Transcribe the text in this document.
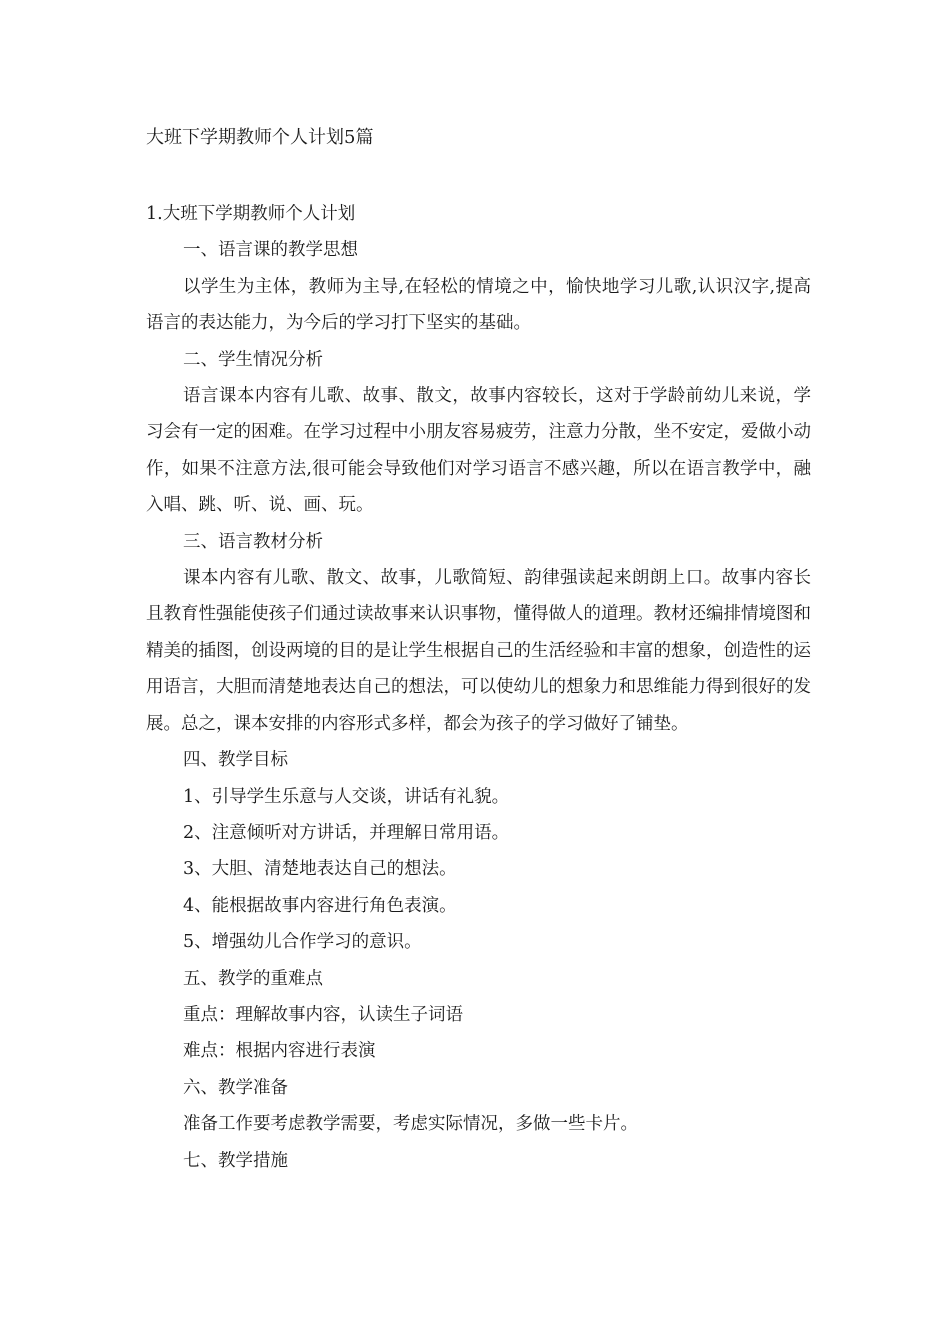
大班下学期教师个人计划5篇

1.大班下学期教师个人计划

一、语言课的教学思想

以学生为主体，教师为主导,在轻松的情境之中，愉快地学习儿歌,认识汉字,提高语言的表达能力，为今后的学习打下坚实的基础。

二、学生情况分析

语言课本内容有儿歌、故事、散文，故事内容较长，这对于学龄前幼儿来说，学习会有一定的困难。在学习过程中小朋友容易疲劳，注意力分散，坐不安定，爱做小动作，如果不注意方法,很可能会导致他们对学习语言不感兴趣，所以在语言教学中，融入唱、跳、听、说、画、玩。

三、语言教材分析

课本内容有儿歌、散文、故事，儿歌简短、韵律强读起来朗朗上口。故事内容长且教育性强能使孩子们通过读故事来认识事物，懂得做人的道理。教材还编排情境图和精美的插图，创设两境的目的是让学生根据自己的生活经验和丰富的想象，创造性的运用语言，大胆而清楚地表达自己的想法，可以使幼儿的想象力和思维能力得到很好的发展。总之，课本安排的内容形式多样，都会为孩子的学习做好了铺垫。

四、教学目标

1、引导学生乐意与人交谈，讲话有礼貌。

2、注意倾听对方讲话，并理解日常用语。

3、大胆、清楚地表达自己的想法。

4、能根据故事内容进行角色表演。

5、增强幼儿合作学习的意识。

五、教学的重难点

重点：理解故事内容，认读生子词语

难点：根据内容进行表演

六、教学准备

准备工作要考虑教学需要，考虑实际情况，多做一些卡片。

七、教学措施
